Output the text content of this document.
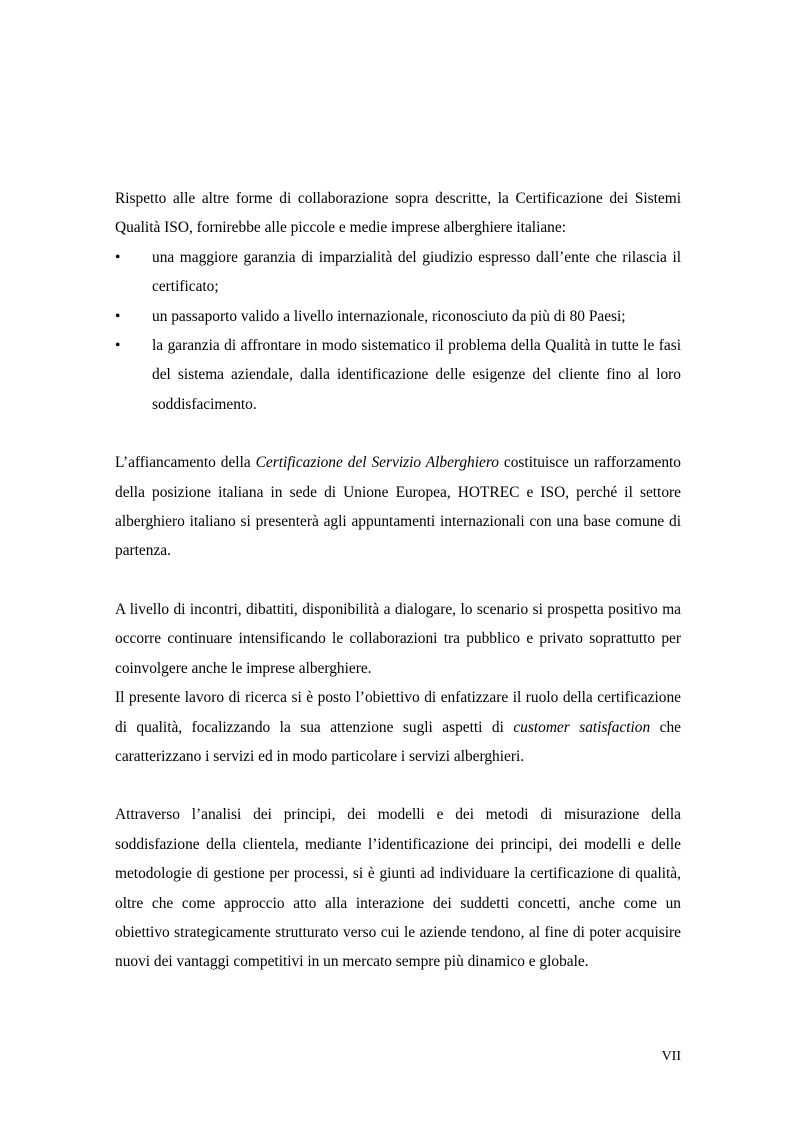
Rispetto alle altre forme di collaborazione sopra descritte, la Certificazione dei Sistemi Qualità ISO, fornirebbe alle piccole e medie imprese alberghiere italiane:

• una maggiore garanzia di imparzialità del giudizio espresso dall’ente che rilascia il certificato;
• un passaporto valido a livello internazionale, riconosciuto da più di 80 Paesi;
• la garanzia di affrontare in modo sistematico il problema della Qualità in tutte le fasi del sistema aziendale, dalla identificazione delle esigenze del cliente fino al loro soddisfacimento.

L’affiancamento della Certificazione del Servizio Alberghiero costituisce un rafforzamento della posizione italiana in sede di Unione Europea, HOTREC e ISO, perché il settore alberghiero italiano si presenterà agli appuntamenti internazionali con una base comune di partenza.

A livello di incontri, dibattiti, disponibilità a dialogare, lo scenario si prospetta positivo ma occorre continuare intensificando le collaborazioni tra pubblico e privato soprattutto per coinvolgere anche le imprese alberghiere.

Il presente lavoro di ricerca si è posto l’obiettivo di enfatizzare il ruolo della certificazione di qualità, focalizzando la sua attenzione sugli aspetti di customer satisfaction che caratterizzano i servizi ed in modo particolare i servizi alberghieri.

Attraverso l’analisi dei principi, dei modelli e dei metodi di misurazione della soddisfazione della clientela, mediante l’identificazione dei principi, dei modelli e delle metodologie di gestione per processi, si è giunti ad individuare la certificazione di qualità, oltre che come approccio atto alla interazione dei suddetti concetti, anche come un obiettivo strategicamente strutturato verso cui le aziende tendono, al fine di poter acquisire nuovi dei vantaggi competitivi in un mercato sempre più dinamico e globale.

VII
